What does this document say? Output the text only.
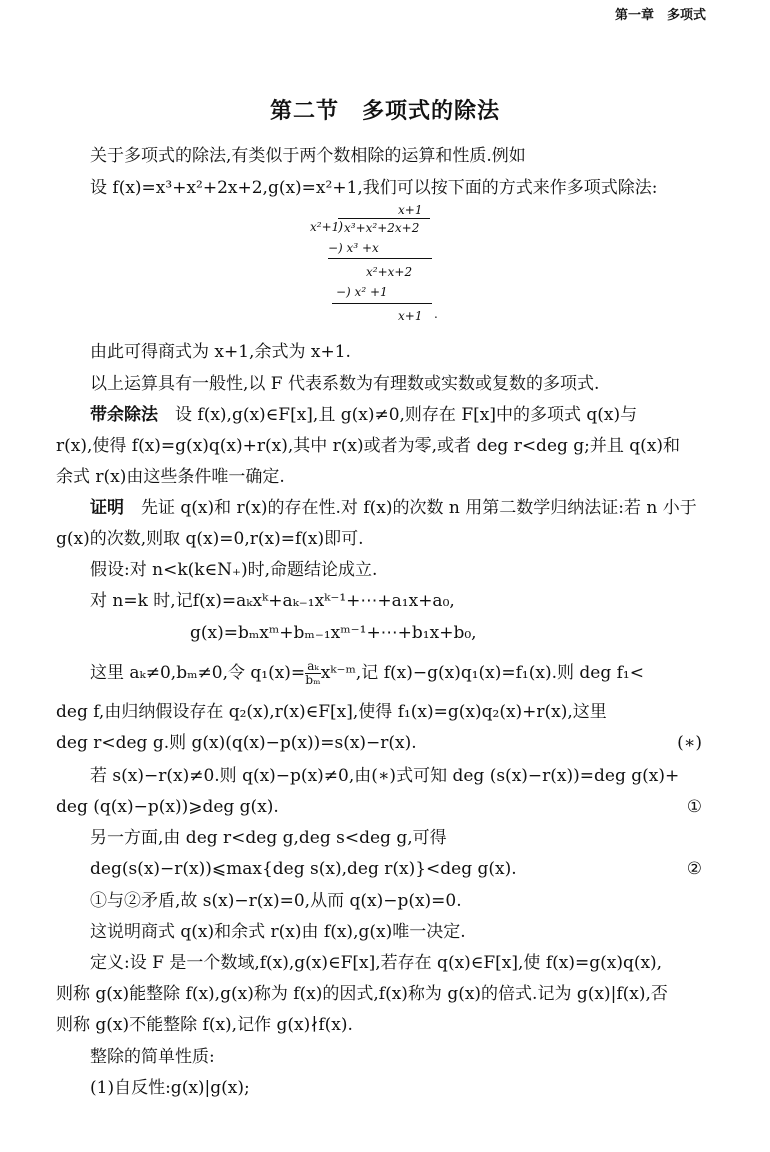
第一章　多项式
第二节　多项式的除法
关于多项式的除法,有类似于两个数相除的运算和性质.例如
设 f(x)=x³+x²+2x+2,g(x)=x²+1,我们可以按下面的方式来作多项式除法:
x+1
x²+1
) x³+x²+2x+2
−) x³ +x
x²+x+2
−) x² +1
x+1 .
由此可得商式为 x+1,余式为 x+1.
以上运算具有一般性,以 F 代表系数为有理数或实数或复数的多项式.
带余除法　 设 f(x),g(x)∈F[x],且 g(x)≠0,则存在 F[x]中的多项式 q(x)与
r(x),使得 f(x)=g(x)q(x)+r(x),其中 r(x)或者为零,或者 deg r<deg g;并且 q(x)和
余式 r(x)由这些条件唯一确定.
证明　 先证 q(x)和 r(x)的存在性.对 f(x)的次数 n 用第二数学归纳法证:若 n 小于
g(x)的次数,则取 q(x)=0,r(x)=f(x)即可.
假设:对 n<k(k∈N₊)时,命题结论成立.
对 n=k 时,记f(x)=aₖxᵏ+aₖ₋₁xᵏ⁻¹+⋯+a₁x+a₀,
g(x)=bₘxᵐ+bₘ₋₁xᵐ⁻¹+⋯+b₁x+b₀,
这里 aₖ≠0,bₘ≠0,令 $q_1(x)= \frac{\text{aₖ}}{\text{bₘ}}$ xᵏ⁻ᵐ,记 f(x)−g(x)q₁(x)=f₁(x).则 deg f₁<
deg f,由归纳假设存在 q₂(x),r(x)∈F[x],使得 f₁(x)=g(x)q₂(x)+r(x),这里
deg r<deg g.则 g(x)(q(x)−p(x))=s(x)−r(x).	(∗)
若 s(x)−r(x)≠0.则 q(x)−p(x)≠0,由(∗)式可知 deg (s(x)−r(x))=deg g(x)+
deg (q(x)−p(x))⩾deg g(x).	①
另一方面,由 deg r<deg g,deg s<deg g,可得
deg(s(x)−r(x))⩽max{deg s(x),deg r(x)}<deg g(x).	②
①与②矛盾,故 s(x)−r(x)=0,从而 q(x)−p(x)=0.
这说明商式 q(x)和余式 r(x)由 f(x),g(x)唯一决定.
定义:设 F 是一个数域,f(x),g(x)∈F[x],若存在 q(x)∈F[x],使 f(x)=g(x)q(x),
则称 g(x)能整除 f(x),g(x)称为 f(x)的因式,f(x)称为 g(x)的倍式.记为 g(x)|f(x),否
则称 g(x)不能整除 f(x),记作 g(x)∤f(x).
整除的简单性质:
(1)自反性:g(x)|g(x);
